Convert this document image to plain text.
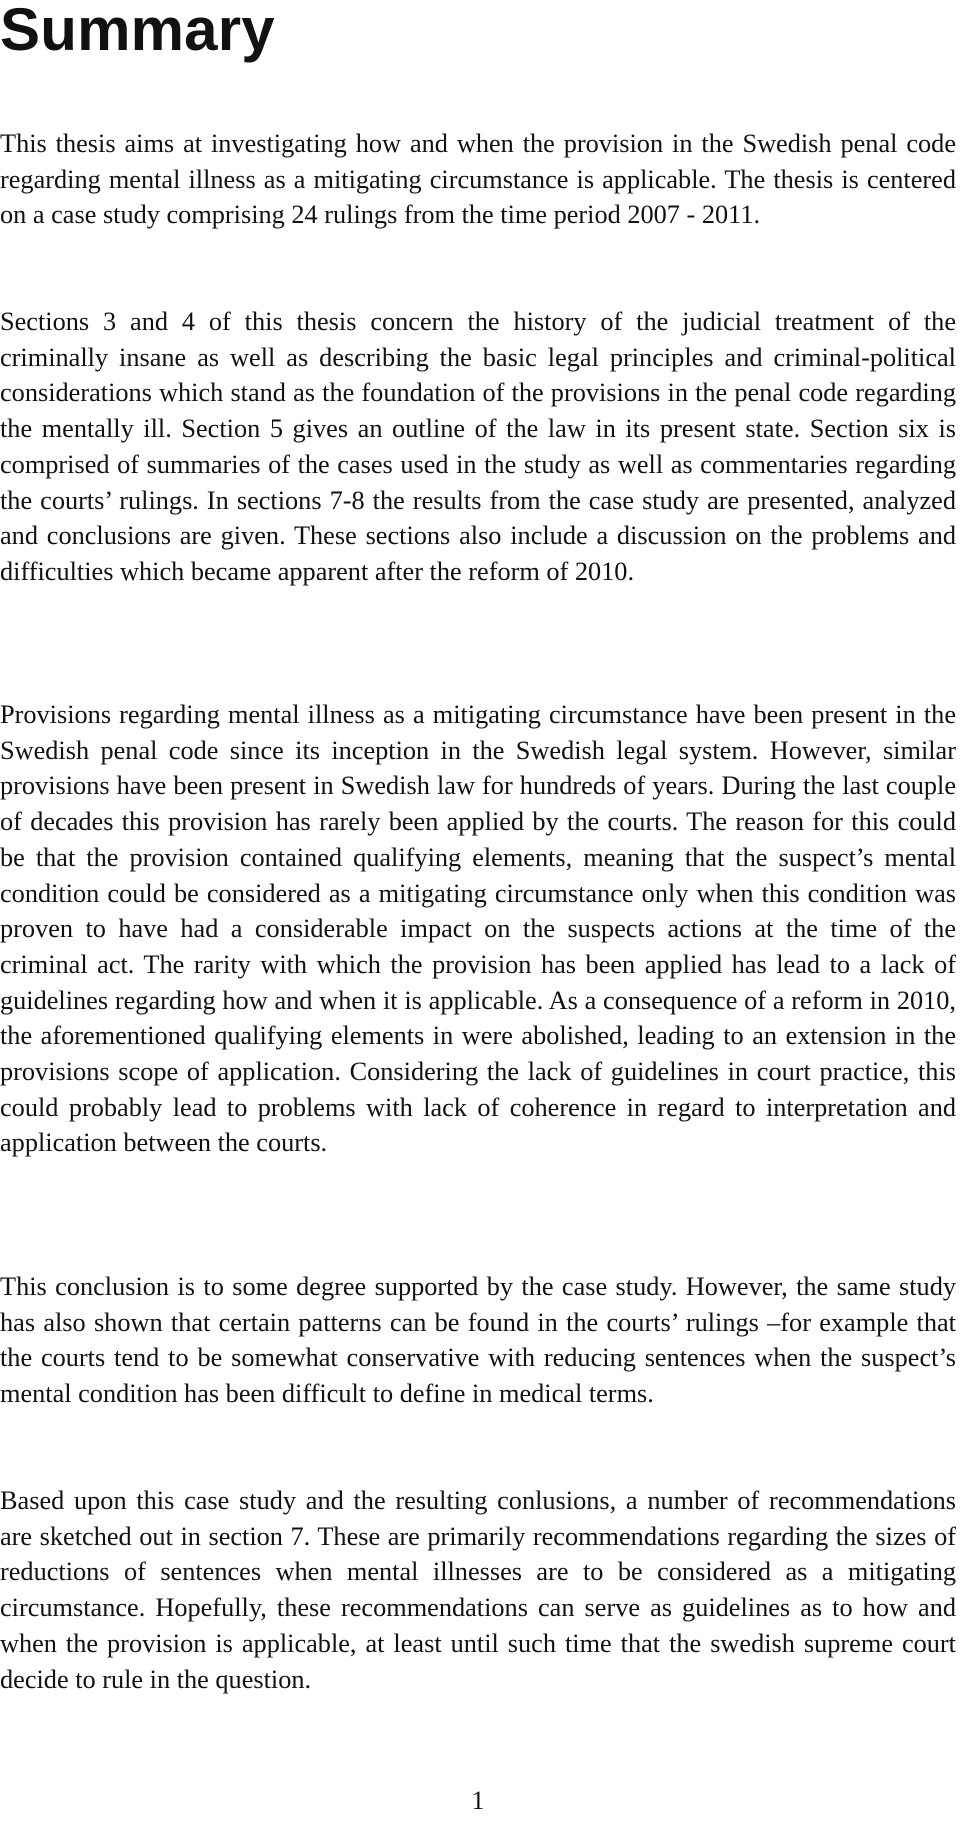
Summary

This thesis aims at investigating how and when the provision in the Swedish penal code regarding mental illness as a mitigating circumstance is applicable. The thesis is centered on a case study comprising 24 rulings from the time period 2007 - 2011.

Sections 3 and 4 of this thesis concern the history of the judicial treatment of the criminally insane as well as describing the basic legal principles and criminal-political considerations which stand as the foundation of the provisions in the penal code regarding the mentally ill. Section 5 gives an outline of the law in its present state. Section six is comprised of summaries of the cases used in the study as well as commentaries regarding the courts’ rulings. In sections 7-8 the results from the case study are presented, analyzed and conclusions are given. These sections also include a discussion on the problems and difficulties which became apparent after the reform of 2010.

Provisions regarding mental illness as a mitigating circumstance have been present in the Swedish penal code since its inception in the Swedish legal system. However, similar provisions have been present in Swedish law for hundreds of years. During the last couple of decades this provision has rarely been applied by the courts. The reason for this could be that the provision contained qualifying elements, meaning that the suspect’s mental condition could be considered as a mitigating circumstance only when this condition was proven to have had a considerable impact on the suspects actions at the time of the criminal act. The rarity with which the provision has been applied has lead to a lack of guidelines regarding how and when it is applicable. As a consequence of a reform in 2010, the aforementioned qualifying elements in were abolished, leading to an extension in the provisions scope of application. Considering the lack of guidelines in court practice, this could probably lead to problems with lack of coherence in regard to interpretation and application between the courts.

This conclusion is to some degree supported by the case study. However, the same study has also shown that certain patterns can be found in the courts’ rulings –for example that the courts tend to be somewhat conservative with reducing sentences when the suspect’s mental condition has been difficult to define in medical terms.

Based upon this case study and the resulting conlusions, a number of recommendations are sketched out in section 7. These are primarily recommendations regarding the sizes of reductions of sentences when mental illnesses are to be considered as a mitigating circumstance. Hopefully, these recommendations can serve as guidelines as to how and when the provision is applicable, at least until such time that the swedish supreme court decide to rule in the question.

1
